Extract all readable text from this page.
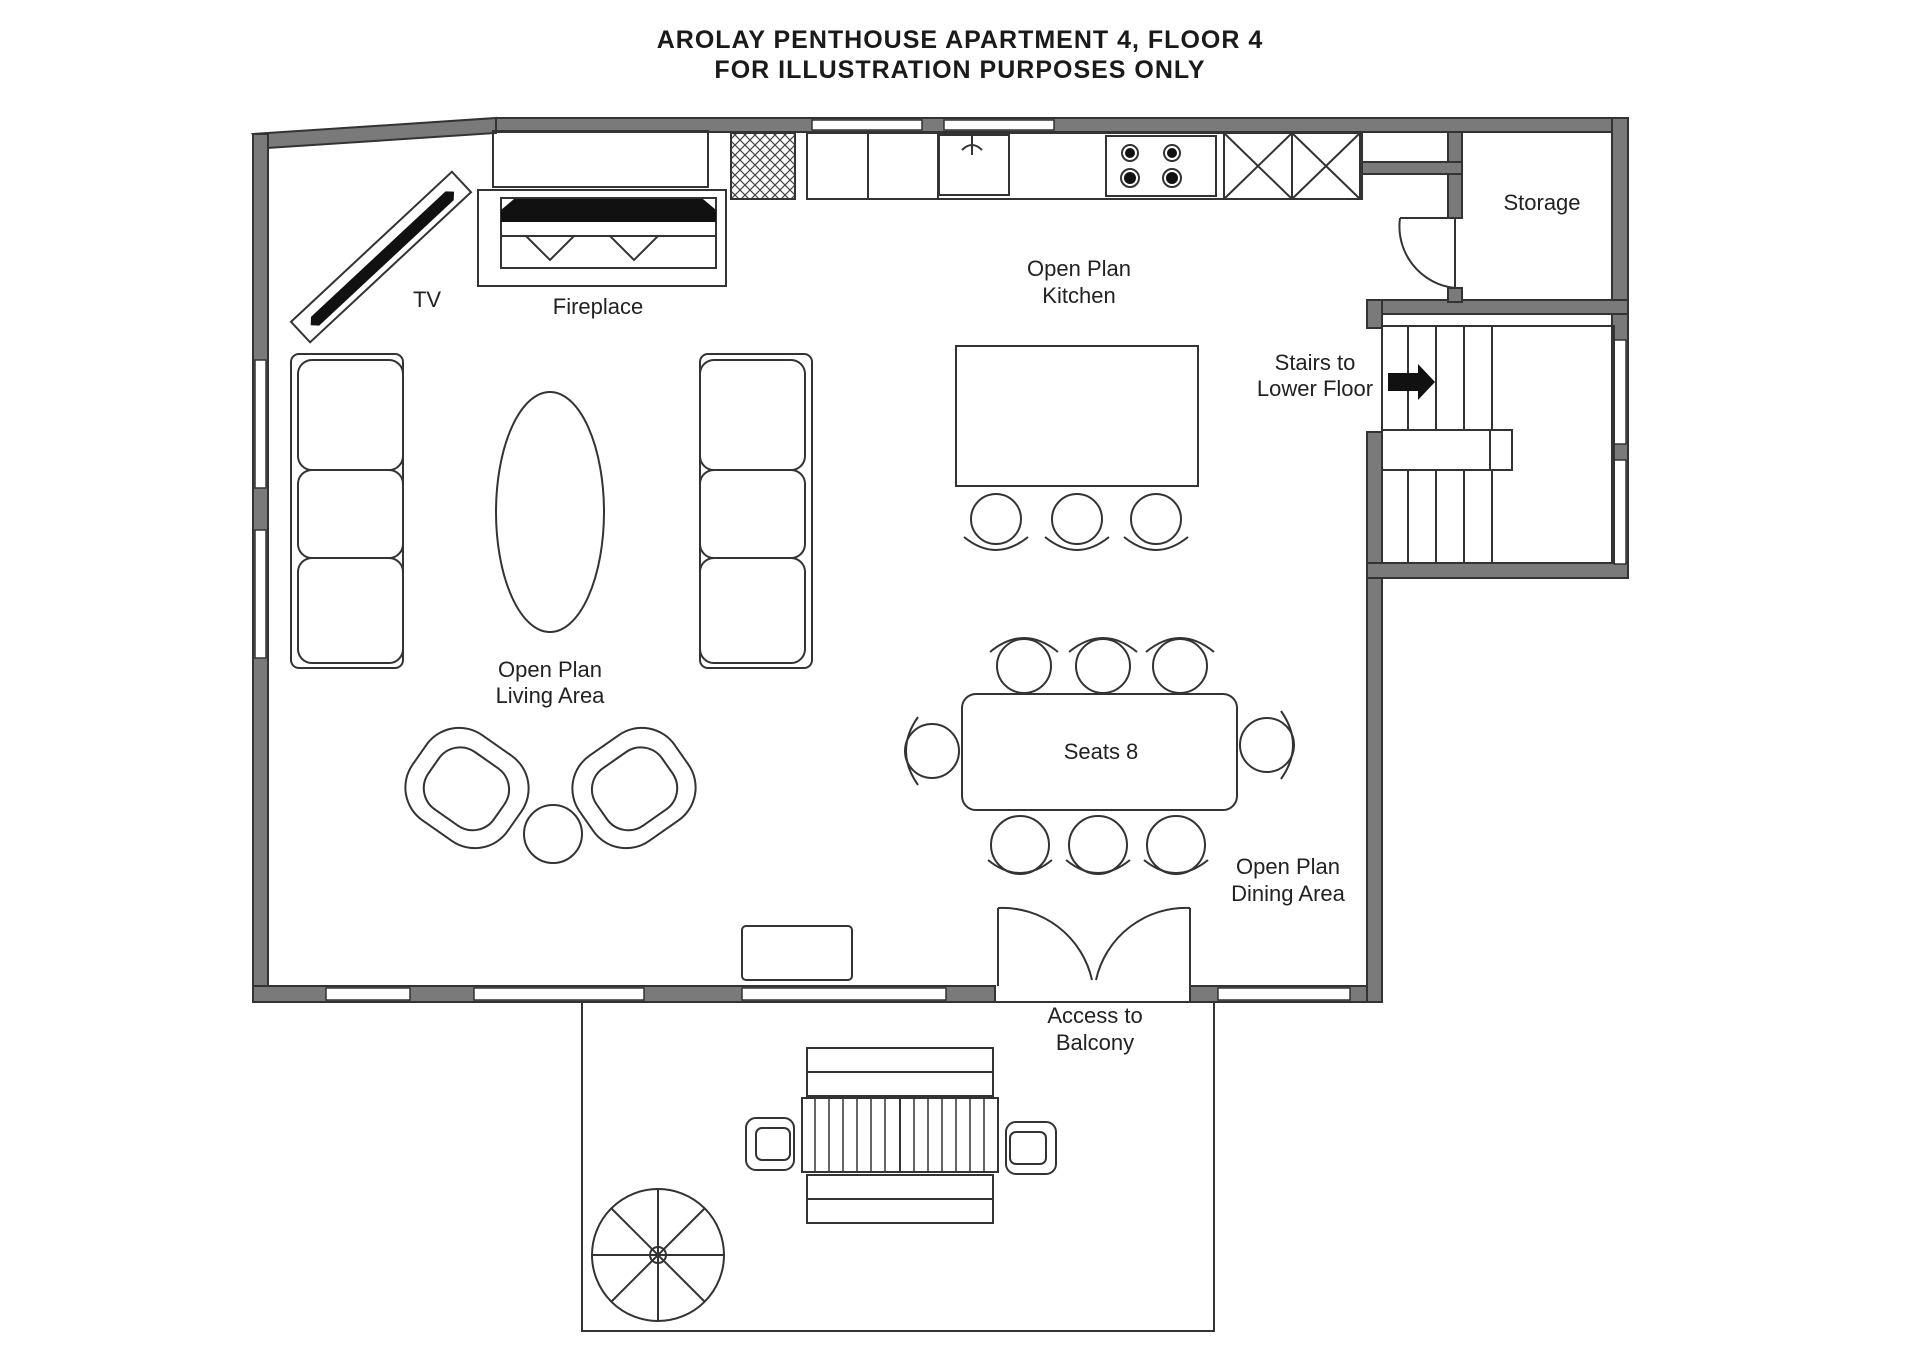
AROLAY PENTHOUSE APARTMENT 4, FLOOR 4
FOR ILLUSTRATION PURPOSES ONLY
TV	Fireplace
Open Plan
Kitchen
Storage
Stairs to
Lower Floor
Open Plan
Living Area
Seats 8
Open Plan
Dining Area
Access to
Balcony
